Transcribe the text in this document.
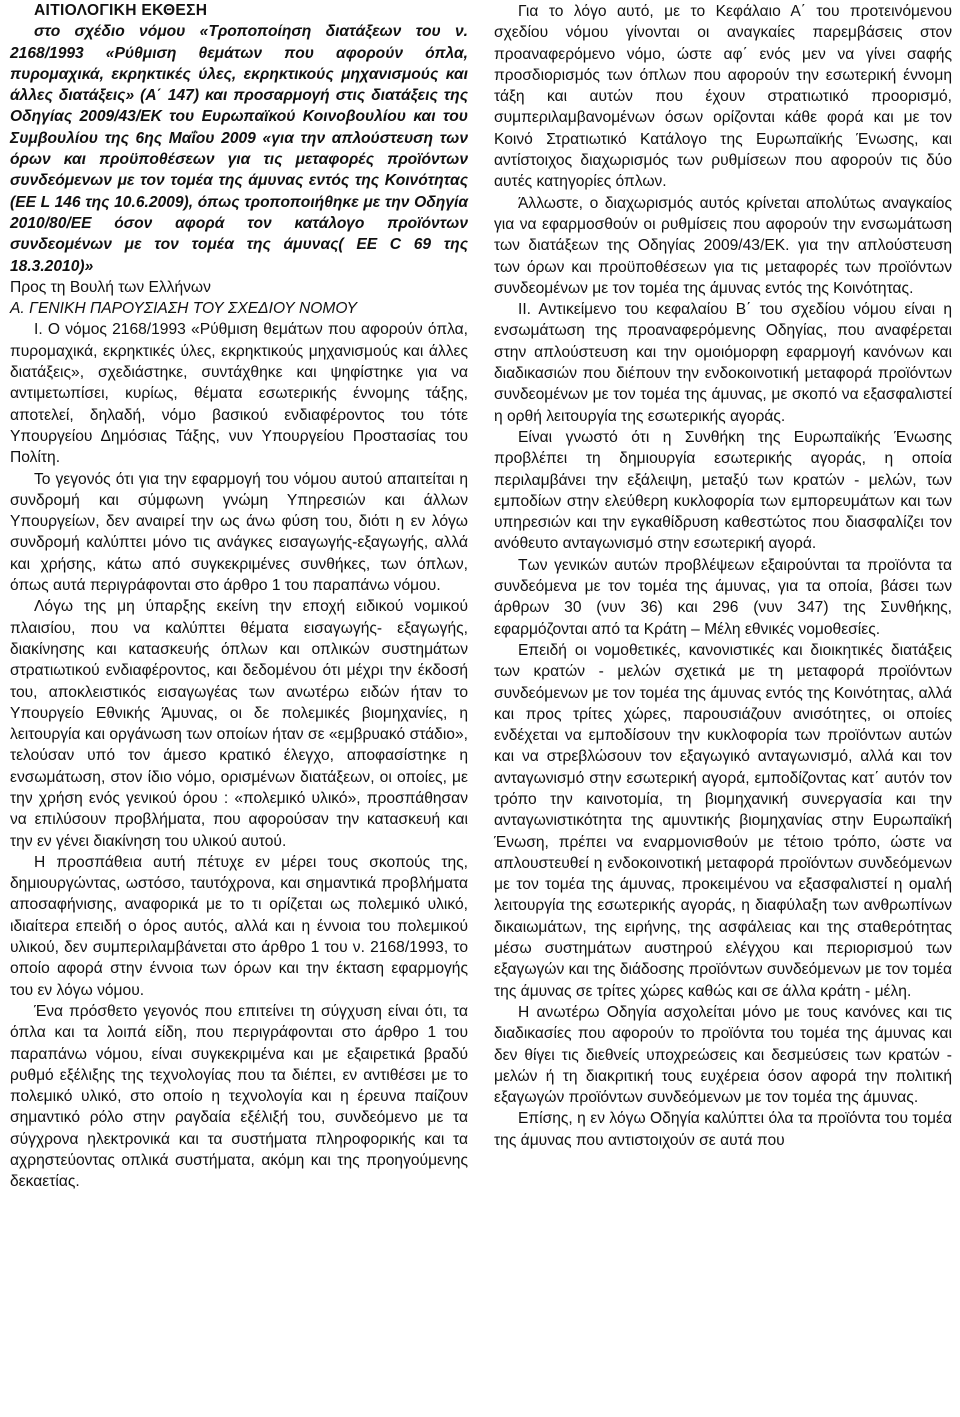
ΑΙΤΙΟΛΟΓΙΚΗ ΕΚΘΕΣΗ

στο σχέδιο νόμου «Τροποποίηση διατάξεων του ν. 2168/1993 «Ρύθμιση θεμάτων που αφορούν όπλα, πυρομαχικά, εκρηκτικές ύλες, εκρηκτικούς μηχανισμούς και άλλες διατάξεις» (Α΄ 147) και προσαρμογή στις διατάξεις της Οδηγίας 2009/43/ΕΚ του Ευρωπαϊκού Κοινοβουλίου και του Συμβουλίου της 6ης Μαΐου 2009 «για την απλούστευση των όρων και προϋποθέσεων για τις μεταφορές προϊόντων συνδεόμενων με τον τομέα της άμυνας εντός της Κοινότητας (ΕΕ L 146 της 10.6.2009), όπως τροποποιήθηκε με την Οδηγία 2010/80/ΕΕ όσον αφορά τον κατάλογο προϊόντων συνδεομένων με τον τομέα της άμυνας( ΕΕ C 69 της 18.3.2010)»

Προς τη Βουλή των Ελλήνων

Α. ΓΕΝΙΚΗ ΠΑΡΟΥΣΙΑΣΗ ΤΟΥ ΣΧΕΔΙΟΥ ΝΟΜΟΥ

Ι. Ο νόμος 2168/1993 «Ρύθμιση θεμάτων που αφορούν όπλα, πυρομαχικά, εκρηκτικές ύλες, εκρηκτικούς μηχανισμούς και άλλες διατάξεις», σχεδιάστηκε, συντάχθηκε και ψηφίστηκε για να αντιμετωπίσει, κυρίως, θέματα εσωτερικής έννομης τάξης, αποτελεί, δηλαδή, νόμο βασικού ενδιαφέροντος του τότε Υπουργείου Δημόσιας Τάξης, νυν Υπουργείου Προστασίας του Πολίτη.

Το γεγονός ότι για την εφαρμογή του νόμου αυτού απαιτείται η συνδρομή και σύμφωνη γνώμη Υπηρεσιών και άλλων Υπουργείων, δεν αναιρεί την ως άνω φύση του, διότι η εν λόγω συνδρομή καλύπτει μόνο τις ανάγκες εισαγωγής-εξαγωγής, αλλά και χρήσης, κάτω από συγκεκριμένες συνθήκες, των όπλων, όπως αυτά περιγράφονται στο άρθρο 1 του παραπάνω νόμου.

Λόγω της μη ύπαρξης εκείνη την εποχή ειδικού νομικού πλαισίου, που να καλύπτει θέματα εισαγωγής- εξαγωγής, διακίνησης και κατασκευής όπλων και οπλικών συστημάτων στρατιωτικού ενδιαφέροντος, και δεδομένου ότι μέχρι την έκδοσή του, αποκλειστικός εισαγωγέας των ανωτέρω ειδών ήταν το Υπουργείο Εθνικής Άμυνας, οι δε πολεμικές βιομηχανίες, η λειτουργία και οργάνωση των οποίων ήταν σε «εμβρυακό στάδιο», τελούσαν υπό τον άμεσο κρατικό έλεγχο, αποφασίστηκε η ενσωμάτωση, στον ίδιο νόμο, ορισμένων διατάξεων, οι οποίες, με την χρήση ενός γενικού όρου : «πολεμικό υλικό», προσπάθησαν να επιλύσουν προβλήματα, που αφορούσαν την κατασκευή και την εν γένει διακίνηση του υλικού αυτού.

Η προσπάθεια αυτή πέτυχε εν μέρει τους σκοπούς της, δημιουργώντας, ωστόσο, ταυτόχρονα, και σημαντικά προβλήματα αποσαφήνισης, αναφορικά με το τι ορίζεται ως πολεμικό υλικό, ιδιαίτερα επειδή ο όρος αυτός, αλλά και η έννοια του πολεμικού υλικού, δεν συμπεριλαμβάνεται στο άρθρο 1 του ν. 2168/1993, το οποίο αφορά στην έννοια των όρων και την έκταση εφαρμογής του εν λόγω νόμου.

Ένα πρόσθετο γεγονός που επιτείνει τη σύγχυση είναι ότι, τα όπλα και τα λοιπά είδη, που περιγράφονται στο άρθρο 1 του παραπάνω νόμου, είναι συγκεκριμένα και με εξαιρετικά βραδύ ρυθμό εξέλιξης της τεχνολογίας που τα διέπει, εν αντιθέσει με το πολεμικό υλικό, στο οποίο η τεχνολογία και η έρευνα παίζουν σημαντικό ρόλο στην ραγδαία εξέλιξή του, συνδεόμενο με τα σύγχρονα ηλεκτρονικά και τα συστήματα πληροφορικής και τα αχρηστεύοντας οπλικά συστήματα, ακόμη και της προηγούμενης δεκαετίας.

Για το λόγο αυτό, με το Κεφάλαιο Α΄ του προτεινόμενου σχεδίου νόμου γίνονται οι αναγκαίες παρεμβάσεις στον προαναφερόμενο νόμο, ώστε αφ΄ ενός μεν να γίνει σαφής προσδιορισμός των όπλων που αφορούν την εσωτερική έννομη τάξη και αυτών που έχουν στρατιωτικό προορισμό, συμπεριλαμβανομένων όσων ορίζονται κάθε φορά και με τον Κοινό Στρατιωτικό Κατάλογο της Ευρωπαϊκής Ένωσης, και αντίστοιχος διαχωρισμός των ρυθμίσεων που αφορούν τις δύο αυτές κατηγορίες όπλων.

Άλλωστε, ο διαχωρισμός αυτός κρίνεται απολύτως αναγκαίος για να εφαρμοσθούν οι ρυθμίσεις που αφορούν την ενσωμάτωση των διατάξεων της Οδηγίας 2009/43/ΕΚ. για την απλούστευση των όρων και προϋποθέσεων για τις μεταφορές των προϊόντων συνδεομένων με τον τομέα της άμυνας εντός της Κοινότητας.

ΙΙ. Αντικείμενο του κεφαλαίου Β΄ του σχεδίου νόμου είναι η ενσωμάτωση της προαναφερόμενης Οδηγίας, που αναφέρεται στην απλούστευση και την ομοιόμορφη εφαρμογή κανόνων και διαδικασιών που διέπουν την ενδοκοινοτική μεταφορά προϊόντων συνδεομένων με τον τομέα της άμυνας, με σκοπό να εξασφαλιστεί η ορθή λειτουργία της εσωτερικής αγοράς.

Είναι γνωστό ότι η Συνθήκη της Ευρωπαϊκής Ένωσης προβλέπει τη δημιουργία εσωτερικής αγοράς, η οποία περιλαμβάνει την εξάλειψη, μεταξύ των κρατών - μελών, των εμποδίων στην ελεύθερη κυκλοφορία των εμπορευμάτων και των υπηρεσιών και την εγκαθίδρυση καθεστώτος που διασφαλίζει τον ανόθευτο ανταγωνισμό στην εσωτερική αγορά.

Των γενικών αυτών προβλέψεων εξαιρούνται τα προϊόντα τα συνδεόμενα με τον τομέα της άμυνας, για τα οποία, βάσει των άρθρων 30 (νυν 36) και 296 (νυν 347) της Συνθήκης, εφαρμόζονται από τα Κράτη – Μέλη εθνικές νομοθεσίες.

Επειδή οι νομοθετικές, κανονιστικές και διοικητικές διατάξεις των κρατών - μελών σχετικά με τη μεταφορά προϊόντων συνδεόμενων με τον τομέα της άμυνας εντός της Κοινότητας, αλλά και προς τρίτες χώρες, παρουσιάζουν ανισότητες, οι οποίες ενδέχεται να εμποδίσουν την κυκλοφορία των προϊόντων αυτών και να στρεβλώσουν τον εξαγωγικό ανταγωνισμό, αλλά και τον ανταγωνισμό στην εσωτερική αγορά, εμποδίζοντας κατ΄ αυτόν τον τρόπο την καινοτομία, τη βιομηχανική συνεργασία και την ανταγωνιστικότητα της αμυντικής βιομηχανίας στην Ευρωπαϊκή Ένωση, πρέπει να εναρμονισθούν με τέτοιο τρόπο, ώστε να απλουστευθεί η ενδοκοινοτική μεταφορά προϊόντων συνδεόμενων με τον τομέα της άμυνας, προκειμένου να εξασφαλιστεί η ομαλή λειτουργία της εσωτερικής αγοράς, η διαφύλαξη των ανθρωπίνων δικαιωμάτων, της ειρήνης, της ασφάλειας και της σταθερότητας μέσω συστημάτων αυστηρού ελέγχου και περιορισμού των εξαγωγών και της διάδοσης προϊόντων συνδεόμενων με τον τομέα της άμυνας σε τρίτες χώρες καθώς και σε άλλα κράτη - μέλη.

Η ανωτέρω Οδηγία ασχολείται μόνο με τους κανόνες και τις διαδικασίες που αφορούν το προϊόντα του τομέα της άμυνας και δεν θίγει τις διεθνείς υποχρεώσεις και δεσμεύσεις των κρατών - μελών ή τη διακριτική τους ευχέρεια όσον αφορά την πολιτική εξαγωγών προϊόντων συνδεόμενων με τον τομέα της άμυνας.

Επίσης, η εν λόγω Οδηγία καλύπτει όλα τα προϊόντα του τομέα της άμυνας που αντιστοιχούν σε αυτά που
